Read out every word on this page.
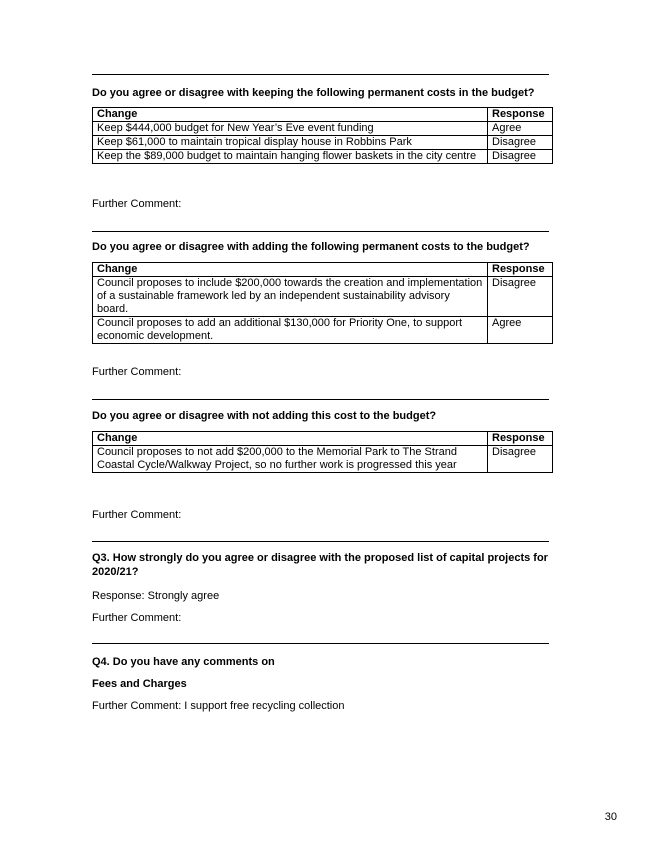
Do you agree or disagree with keeping the following permanent costs in the budget?
Change	Response
Keep $444,000 budget for New Year’s Eve event funding	Agree
Keep $61,000 to maintain tropical display house in Robbins Park	Disagree
Keep the $89,000 budget to maintain hanging flower baskets in the city centre	Disagree
Further Comment:
Do you agree or disagree with adding the following permanent costs to the budget?
Change	Response
Council proposes to include $200,000 towards the creation and implementation of a sustainable framework led by an independent sustainability advisory board.	Disagree
Council proposes to add an additional $130,000 for Priority One, to support economic development.	Agree
Further Comment:
Do you agree or disagree with not adding this cost to the budget?
Change	Response
Council proposes to not add $200,000 to the Memorial Park to The Strand Coastal Cycle/Walkway Project, so no further work is progressed this year	Disagree
Further Comment:
Q3. How strongly do you agree or disagree with the proposed list of capital projects for 2020/21?
Response: Strongly agree
Further Comment:
Q4. Do you have any comments on
Fees and Charges
Further Comment: I support free recycling collection
30
